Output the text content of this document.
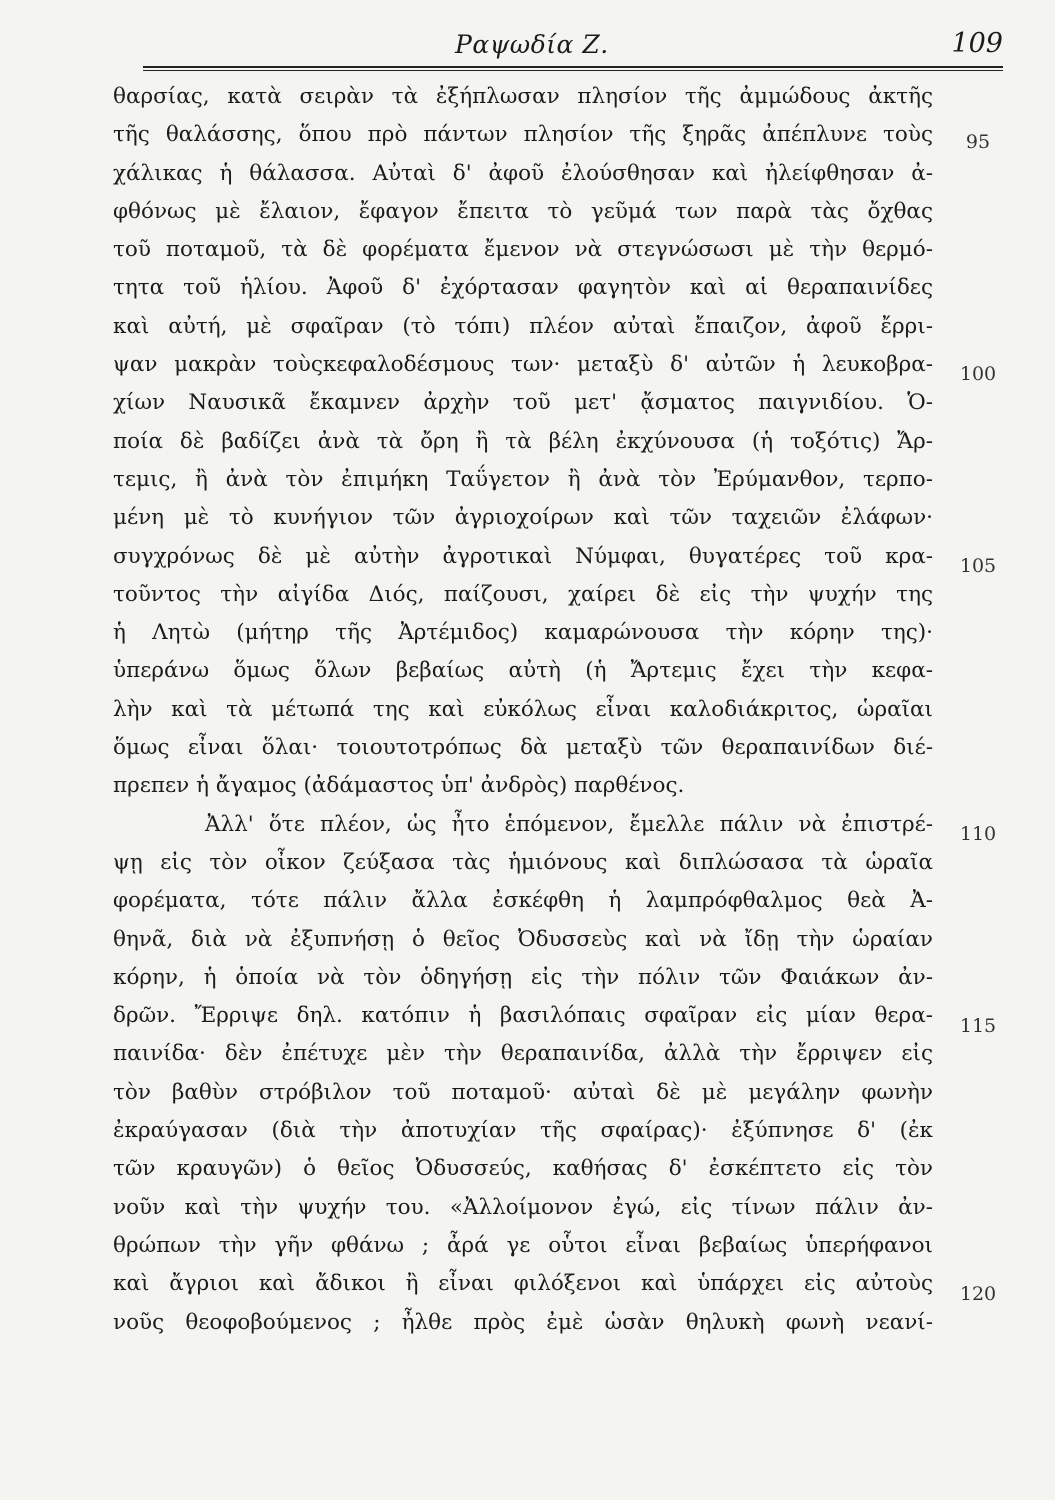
Ραψωδία Ζ.	109
θαρσίας, κατὰ σειρὰν τὰ ἐξήπλωσαν πλησίον τῆς ἀμμώδους ἀκτῆς
τῆς θαλάσσης, ὅπου πρὸ πάντων πλησίον τῆς ξηρᾶς ἀπέπλυνε τοὺς
χάλικας ἡ θάλασσα. Αὐταὶ δ' ἀφοῦ ἐλούσθησαν καὶ ἠλείφθησαν ἀ-
φθόνως μὲ ἔλαιον, ἔφαγον ἔπειτα τὸ γεῦμά των παρὰ τὰς ὄχθας
τοῦ ποταμοῦ, τὰ δὲ φορέματα ἔμενον νὰ στεγνώσωσι μὲ τὴν θερμό-
τητα τοῦ ἡλίου. Ἀφοῦ δ' ἐχόρτασαν φαγητὸν καὶ αἱ θεραπαινίδες
καὶ αὐτή, μὲ σφαῖραν (τὸ τόπι) πλέον αὐταὶ ἔπαιζον, ἀφοῦ ἔρρι-
ψαν μακρὰν τοὺςκεφαλοδέσμους των· μεταξὺ δ' αὐτῶν ἡ λευκοβρα-
χίων Ναυσικᾶ ἔκαμνεν ἀρχὴν τοῦ μετ' ᾄσματος παιγνιδίου. Ὁ-
ποία δὲ βαδίζει ἀνὰ τὰ ὄρη ἢ τὰ βέλη ἐκχύνουσα (ἡ τοξότις) Ἄρ-
τεμις, ἢ ἀνὰ τὸν ἐπιμήκη Ταΰγετον ἢ ἀνὰ τὸν Ἐρύμανθον, τερπο-
μένη μὲ τὸ κυνήγιον τῶν ἀγριοχοίρων καὶ τῶν ταχειῶν ἐλάφων·
συγχρόνως δὲ μὲ αὐτὴν ἀγροτικαὶ Νύμφαι, θυγατέρες τοῦ κρα-
τοῦντος τὴν αἰγίδα Διός, παίζουσι, χαίρει δὲ εἰς τὴν ψυχήν της
ἡ Λητὼ (μήτηρ τῆς Ἀρτέμιδος) καμαρώνουσα τὴν κόρην της)·
ὑπεράνω ὅμως ὅλων βεβαίως αὐτὴ (ἡ Ἄρτεμις ἔχει τὴν κεφα-
λὴν καὶ τὰ μέτωπά της καὶ εὐκόλως εἶναι καλοδιάκριτος, ὡραῖαι
ὅμως εἶναι ὅλαι· τοιουτοτρόπως δὰ μεταξὺ τῶν θεραπαινίδων διέ-
πρεπεν ἡ ἄγαμος (ἀδάμαστος ὑπ' ἀνδρὸς) παρθένος.
Ἀλλ' ὅτε πλέον, ὡς ἦτο ἑπόμενον, ἔμελλε πάλιν νὰ ἐπιστρέ-
ψῃ εἰς τὸν οἶκον ζεύξασα τὰς ἡμιόνους καὶ διπλώσασα τὰ ὡραῖα
φορέματα, τότε πάλιν ἄλλα ἐσκέφθη ἡ λαμπρόφθαλμος θεὰ Ἀ-
θηνᾶ, διὰ νὰ ἐξυπνήσῃ ὁ θεῖος Ὀδυσσεὺς καὶ νὰ ἴδῃ τὴν ὡραίαν
κόρην, ἡ ὁποία νὰ τὸν ὁδηγήσῃ εἰς τὴν πόλιν τῶν Φαιάκων ἀν-
δρῶν. Ἔρριψε δηλ. κατόπιν ἡ βασιλόπαις σφαῖραν εἰς μίαν θερα-
παινίδα· δὲν ἐπέτυχε μὲν τὴν θεραπαινίδα, ἀλλὰ τὴν ἔρριψεν εἰς
τὸν βαθὺν στρόβιλον τοῦ ποταμοῦ· αὐταὶ δὲ μὲ μεγάλην φωνὴν
ἐκραύγασαν (διὰ τὴν ἀποτυχίαν τῆς σφαίρας)· ἐξύπνησε δ' (ἐκ
τῶν κραυγῶν) ὁ θεῖος Ὀδυσσεύς, καθήσας δ' ἐσκέπτετο εἰς τὸν
νοῦν καὶ τὴν ψυχήν του. «Ἀλλοίμονον ἐγώ, εἰς τίνων πάλιν ἀν-
θρώπων τὴν γῆν φθάνω ; ἆρά γε οὗτοι εἶναι βεβαίως ὑπερήφανοι
καὶ ἄγριοι καὶ ἄδικοι ἢ εἶναι φιλόξενοι καὶ ὑπάρχει εἰς αὐτοὺς
νοῦς θεοφοβούμενος ; ἦλθε πρὸς ἐμὲ ὡσὰν θηλυκὴ φωνὴ νεανί-
95
100
105
110
115
120
